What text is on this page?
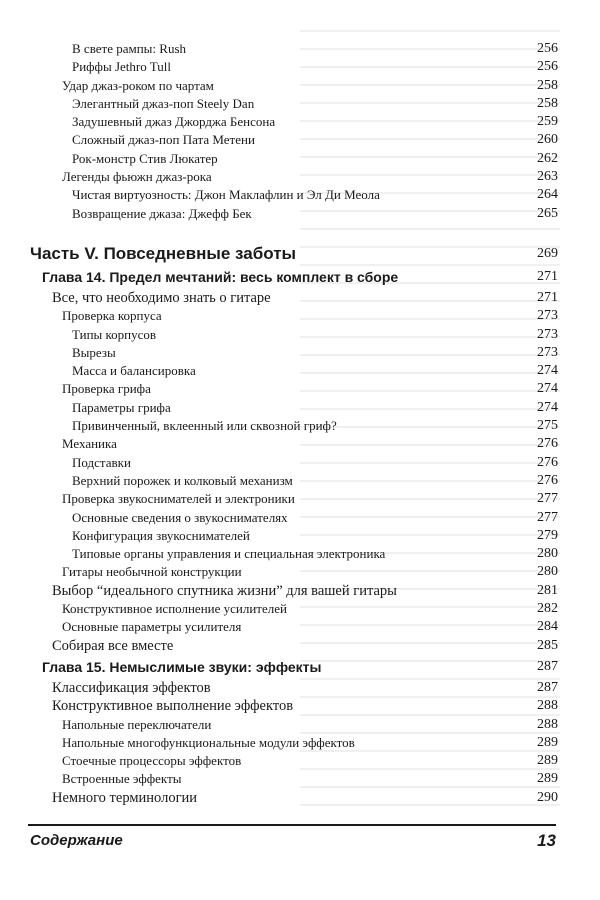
В свете рампы: Rush	256
Риффы Jethro Tull	256
Удар джаз-роком по чартам	258
Элегантный джаз-поп Steely Dan	258
Задушевный джаз Джорджа Бенсона	259
Сложный джаз-поп Пата Метени	260
Рок-монстр Стив Люкатер	262
Легенды фьюжн джаз-рока	263
Чистая виртуозность: Джон Маклафлин и Эл Ди Меола	264
Возвращение джаза: Джефф Бек	265
Часть V. Повседневные заботы	269
Глава 14. Предел мечтаний: весь комплект в сборе	271
Все, что необходимо знать о гитаре	271
Проверка корпуса	273
Типы корпусов	273
Вырезы	273
Масса и балансировка	274
Проверка грифа	274
Параметры грифа	274
Привинченный, вклеенный или сквозной гриф?	275
Механика	276
Подставки	276
Верхний порожек и колковый механизм	276
Проверка звукоснимателей и электроники	277
Основные сведения о звукоснимателях	277
Конфигурация звукоснимателей	279
Типовые органы управления и специальная электроника	280
Гитары необычной конструкции	280
Выбор “идеального спутника жизни” для вашей гитары	281
Конструктивное исполнение усилителей	282
Основные параметры усилителя	284
Собирая все вместе	285
Глава 15. Немыслимые звуки: эффекты	287
Классификация эффектов	287
Конструктивное выполнение эффектов	288
Напольные переключатели	288
Напольные многофункциональные модули эффектов	289
Стоечные процессоры эффектов	289
Встроенные эффекты	289
Немного терминологии	290
Содержание	13
